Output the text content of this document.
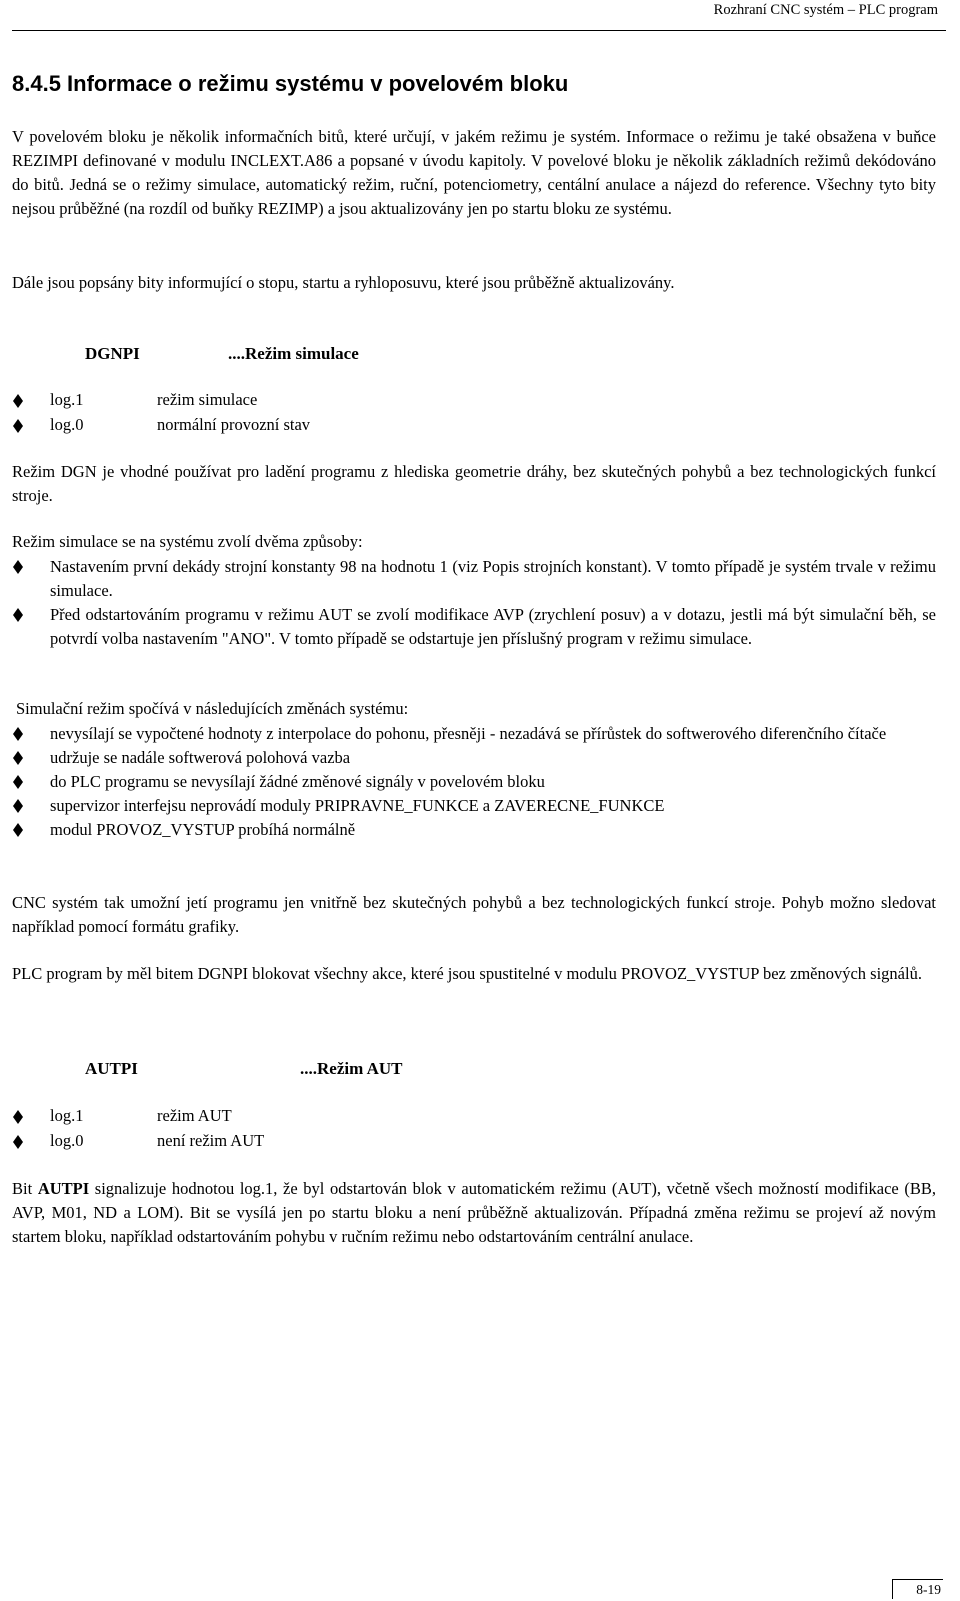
Rozhraní CNC systém – PLC program
8.4.5 Informace o režimu systému v povelovém bloku

V povelovém bloku je několik informačních bitů, které určují, v jakém režimu je systém. Informace o režimu je také obsažena v buňce REZIMPI definované v modulu INCLEXT.A86 a popsané v úvodu kapitoly. V povelové bloku je několik základních režimů dekódováno do bitů. Jedná se o režimy simulace, automatický režim, ruční, potenciometry, centální anulace a nájezd do reference. Všechny tyto bity nejsou průběžné (na rozdíl od buňky REZIMP) a jsou aktualizovány jen po startu bloku ze systému.

Dále jsou popsány bity informující o stopu, startu a ryhloposuvu, které jsou průběžně aktualizovány.

DGNPI	....Režim simulace
log.1	režim simulace
log.0	normální provozní stav

Režim DGN je vhodné používat pro ladění programu z hlediska geometrie dráhy, bez skutečných pohybů a bez technologických funkcí stroje.

Režim simulace se na systému zvolí dvěma způsoby:

Nastavením první dekády strojní konstanty 98 na hodnotu 1 (viz Popis strojních konstant). V tomto případě je systém trvale v režimu simulace.
Před odstartováním programu v režimu AUT se zvolí modifikace AVP (zrychlení posuv) a v dotazu, jestli má být simulační běh, se potvrdí volba nastavením "ANO". V tomto případě se odstartuje jen příslušný program v režimu simulace.

Simulační režim spočívá v následujících změnách systému:

nevysílají se vypočtené hodnoty z interpolace do pohonu, přesněji - nezadává se přírůstek do softwerového diferenčního čítače
udržuje se nadále softwerová polohová vazba
do PLC programu se nevysílají žádné změnové signály v povelovém bloku
supervizor interfejsu neprovádí moduly PRIPRAVNE_FUNKCE a ZAVERECNE_FUNKCE
modul PROVOZ_VYSTUP probíhá normálně

CNC systém tak umožní jetí programu jen vnitřně bez skutečných pohybů a bez technologických funkcí stroje. Pohyb možno sledovat například pomocí formátu grafiky.

PLC program by měl bitem DGNPI blokovat všechny akce, které jsou spustitelné v modulu PROVOZ_VYSTUP bez změnových signálů.

AUTPI	....Režim AUT
log.1	režim AUT
log.0	není režim AUT

Bit AUTPI signalizuje hodnotou log.1, že byl odstartován blok v automatickém režimu (AUT), včetně všech možností modifikace (BB, AVP, M01, ND a LOM). Bit se vysílá jen po startu bloku a není průběžně aktualizován. Případná změna režimu se projeví až novým startem bloku, například odstartováním pohybu v ručním režimu nebo odstartováním centrální anulace.

8-19
